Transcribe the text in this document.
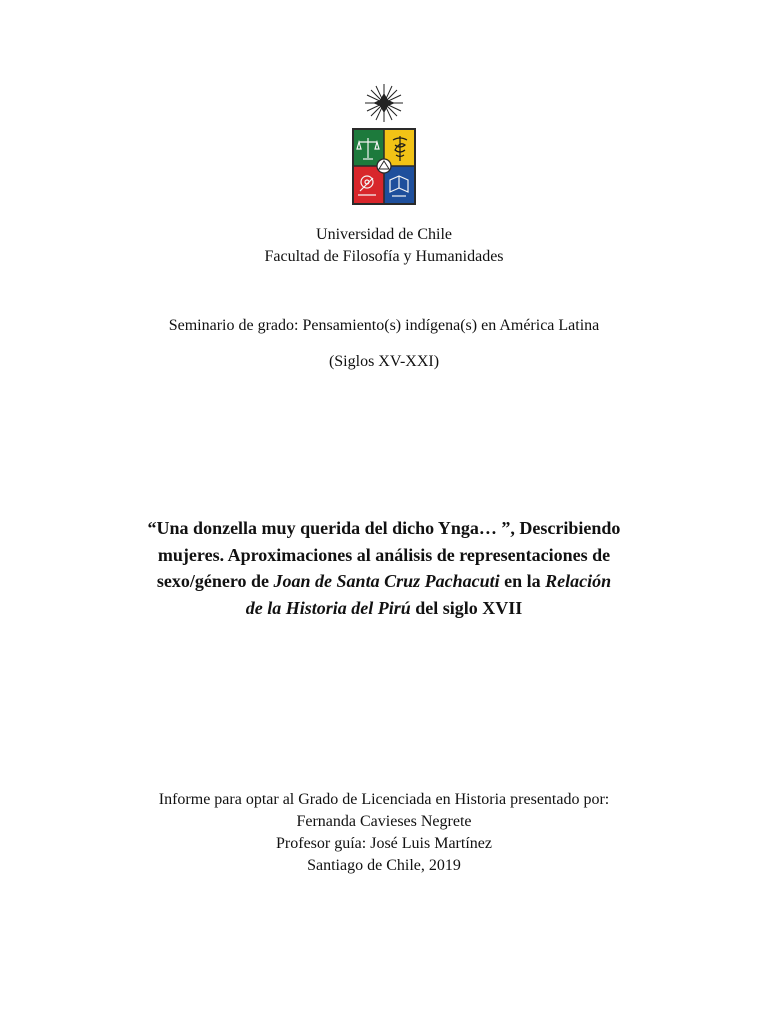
Universidad de Chile
Facultad de Filosofía y Humanidades
Seminario de grado: Pensamiento(s) indígena(s) en América Latina
(Siglos XV-XXI)
“Una donzella muy querida del dicho Ynga… ”, Describiendo
mujeres. Aproximaciones al análisis de representaciones de
sexo/género de Joan de Santa Cruz Pachacuti en la Relación
de la Historia del Pirú del siglo XVII
Informe para optar al Grado de Licenciada en Historia presentado por:
Fernanda Cavieses Negrete
Profesor guía: José Luis Martínez
Santiago de Chile, 2019
